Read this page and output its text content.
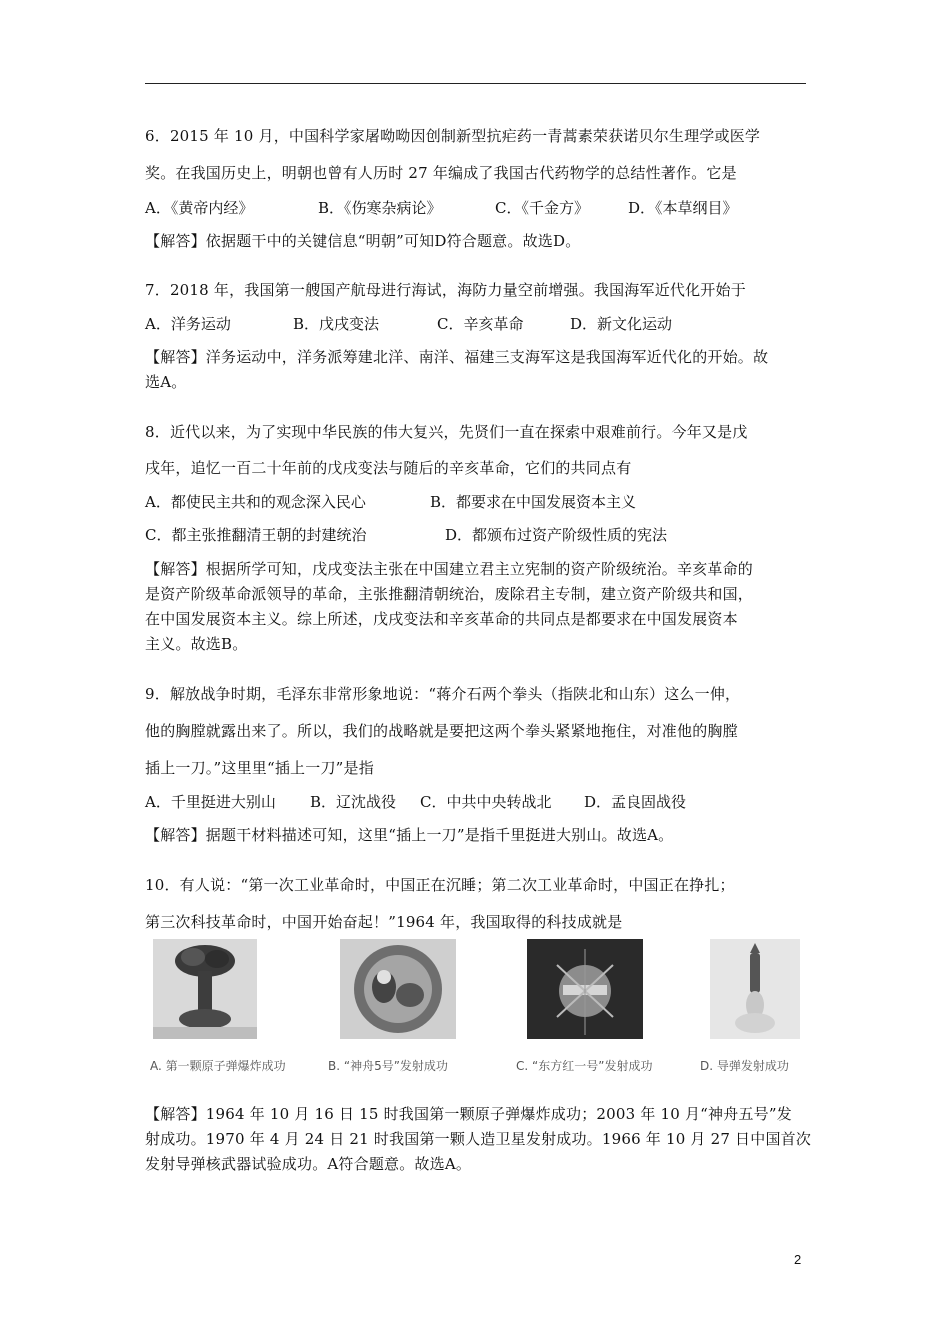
6．2015 年 10 月，中国科学家屠呦呦因创制新型抗疟药一青蒿素荣获诺贝尔生理学或医学
奖。在我国历史上，明朝也曾有人历时 27 年编成了我国古代药物学的总结性著作。它是
A．《黄帝内经》	B．《伤寒杂病论》	C．《千金方》	D．《本草纲目》
【解答】依据题干中的关键信息“明朝”可知D符合题意。故选D。
7．2018 年，我国第一艘国产航母进行海试，海防力量空前增强。我国海军近代化开始于
A．洋务运动	B．戊戌变法	C．辛亥革命	D．新文化运动
【解答】洋务运动中，洋务派筹建北洋、南洋、福建三支海军这是我国海军近代化的开始。故
选A。
8．近代以来，为了实现中华民族的伟大复兴，先贤们一直在探索中艰难前行。今年又是戊
戌年，追忆一百二十年前的戊戌变法与随后的辛亥革命，它们的共同点有
A．都使民主共和的观念深入民心	B．都要求在中国发展资本主义
C．都主张推翻清王朝的封建统治	D．都颁布过资产阶级性质的宪法
【解答】根据所学可知，戊戌变法主张在中国建立君主立宪制的资产阶级统治。辛亥革命的
是资产阶级革命派领导的革命，主张推翻清朝统治，废除君主专制，建立资产阶级共和国，
在中国发展资本主义。综上所述，戊戌变法和辛亥革命的共同点是都要求在中国发展资本
主义。故选B。
9．解放战争时期，毛泽东非常形象地说：“蒋介石两个拳头（指陕北和山东）这么一伸，
他的胸膛就露出来了。所以，我们的战略就是要把这两个拳头紧紧地拖住，对准他的胸膛
插上一刀。”这里里“插上一刀”是指
A．千里挺进大别山 B．辽沈战役 C．中共中央转战北 D．孟良固战役
【解答】据题干材料描述可知，这里“插上一刀”是指千里挺进大别山。故选A。
10．有人说：“第一次工业革命时，中国正在沉睡；第二次工业革命时，中国正在挣扎；
第三次科技革命时，中国开始奋起！”1964 年，我国取得的科技成就是
A. 第一颗原子弹爆炸成功	B. “神舟5号”发射成功	C. “东方红一号”发射成功	D. 导弹发射成功
【解答】1964 年 10 月 16 日 15 时我国第一颗原子弹爆炸成功；2003 年 10 月“神舟五号”发
射成功。1970 年 4 月 24 日 21 时我国第一颗人造卫星发射成功。1966 年 10 月 27 日中国首次
发射导弹核武器试验成功。A符合题意。故选A。
2
